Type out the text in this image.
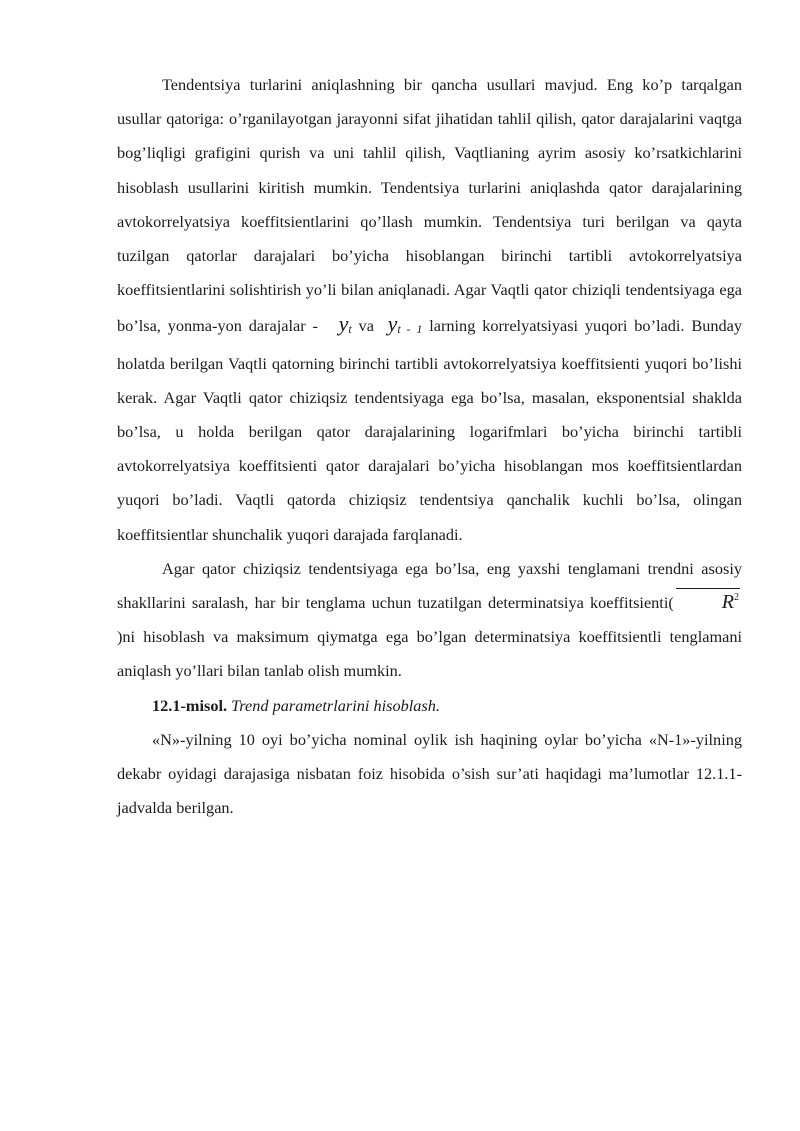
Tendentsiya turlarini aniqlashning bir qancha usullari mavjud. Eng ko’p tarqalgan usullar qatoriga: o’rganilayotgan jarayonni sifat jihatidan tahlil qilish, qator darajalarini vaqtga bog’liqligi grafigini qurish va uni tahlil qilish, Vaqtlianing ayrim asosiy ko’rsatkichlarini hisoblash usullarini kiritish mumkin. Tendentsiya turlarini aniqlashda qator darajalarining avtokorrelyatsiya koeffitsientlarini qo’llash mumkin. Tendentsiya turi berilgan va qayta tuzilgan qatorlar darajalari bo’yicha hisoblangan birinchi tartibli avtokorrelyatsiya koeffitsientlarini solishtirish yo’li bilan aniqlanadi. Agar Vaqtli qator chiziqli tendentsiyaga ega bo’lsa, yonma-yon darajalar - $y_t$ va $y_{t - 1}$ larning korrelyatsiyasi yuqori bo’ladi. Bunday holatda berilgan Vaqtli qatorning birinchi tartibli avtokorrelyatsiya koeffitsienti yuqori bo’lishi kerak. Agar Vaqtli qator chiziqsiz tendentsiyaga ega bo’lsa, masalan, eksponentsial shaklda bo’lsa, u holda berilgan qator darajalarining logarifmlari bo’yicha birinchi tartibli avtokorrelyatsiya koeffitsienti qator darajalari bo’yicha hisoblangan mos koeffitsientlardan yuqori bo’ladi. Vaqtli qatorda chiziqsiz tendentsiya qanchalik kuchli bo’lsa, olingan koeffitsientlar shunchalik yuqori darajada farqlanadi.

Agar qator chiziqsiz tendentsiyaga ega bo’lsa, eng yaxshi tenglamani trendni asosiy shakllarini saralash, har bir tenglama uchun tuzatilgan determinatsiya koeffitsienti( $R^2)ni$ hisoblash va maksimum qiymatga ega bo’lgan determinatsiya koeffitsientli tenglamani aniqlash yo’llari bilan tanlab olish mumkin.

12.1-misol. Trend parametrlarini hisoblash.

«N»-yilning 10 oyi bo’yicha nominal oylik ish haqining oylar bo’yicha «N-1»-yilning dekabr oyidagi darajasiga nisbatan foiz hisobida o’sish sur’ati haqidagi ma’lumotlar 12.1.1-jadvalda berilgan.
